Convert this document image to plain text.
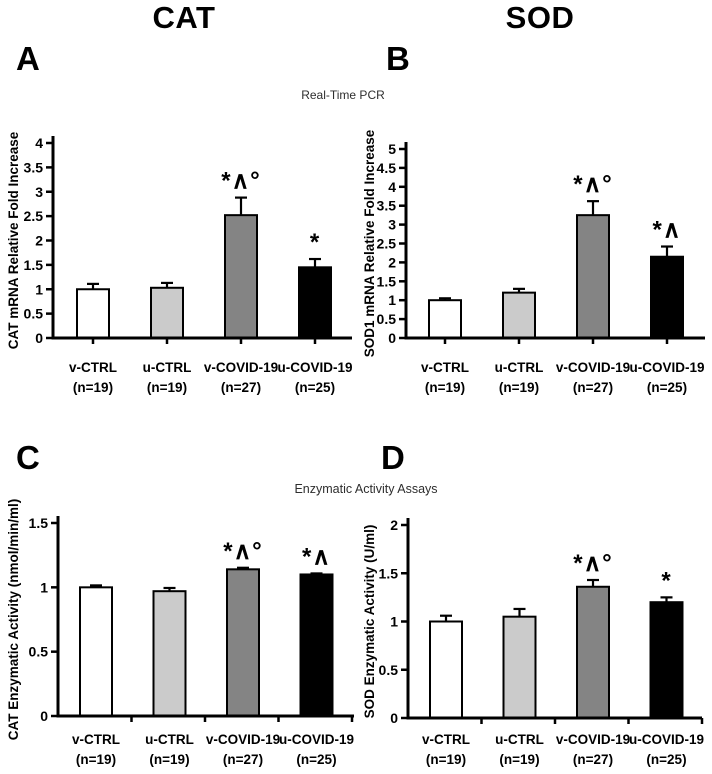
CAT	SOD
A	B
C	D
Real-Time PCR
Enzymatic Activity Assays
v-CTRL
(n=19)
u-CTRL
(n=19)
*∧°
v-COVID-19
(n=27)
*
u-COVID-19
(n=25)
0
0.5
1
1.5
2
2.5
3
3.5
4
CAT mRNA Relative Fold Increase
v-CTRL
(n=19)
u-CTRL
(n=19)
*∧°
v-COVID-19
(n=27)
*∧
u-COVID-19
(n=25)
0
0.5
1
1.5
2
2.5
3
3.5
4
4.5
5
SOD1 mRNA Relative Fold Increase
v-CTRL
(n=19)
u-CTRL
(n=19)
*∧°
v-COVID-19
(n=27)
*∧
u-COVID-19
(n=25)
0
0.5
1
1.5
CAT Enzymatic Activity (nmol/min/ml)	v-CTRL
(n=19)
u-CTRL
(n=19)
*∧°
v-COVID-19
(n=27)
*
u-COVID-19
(n=25)
0
0.5
1
1.5
2
SOD Enzymatic Activity (U/ml)
